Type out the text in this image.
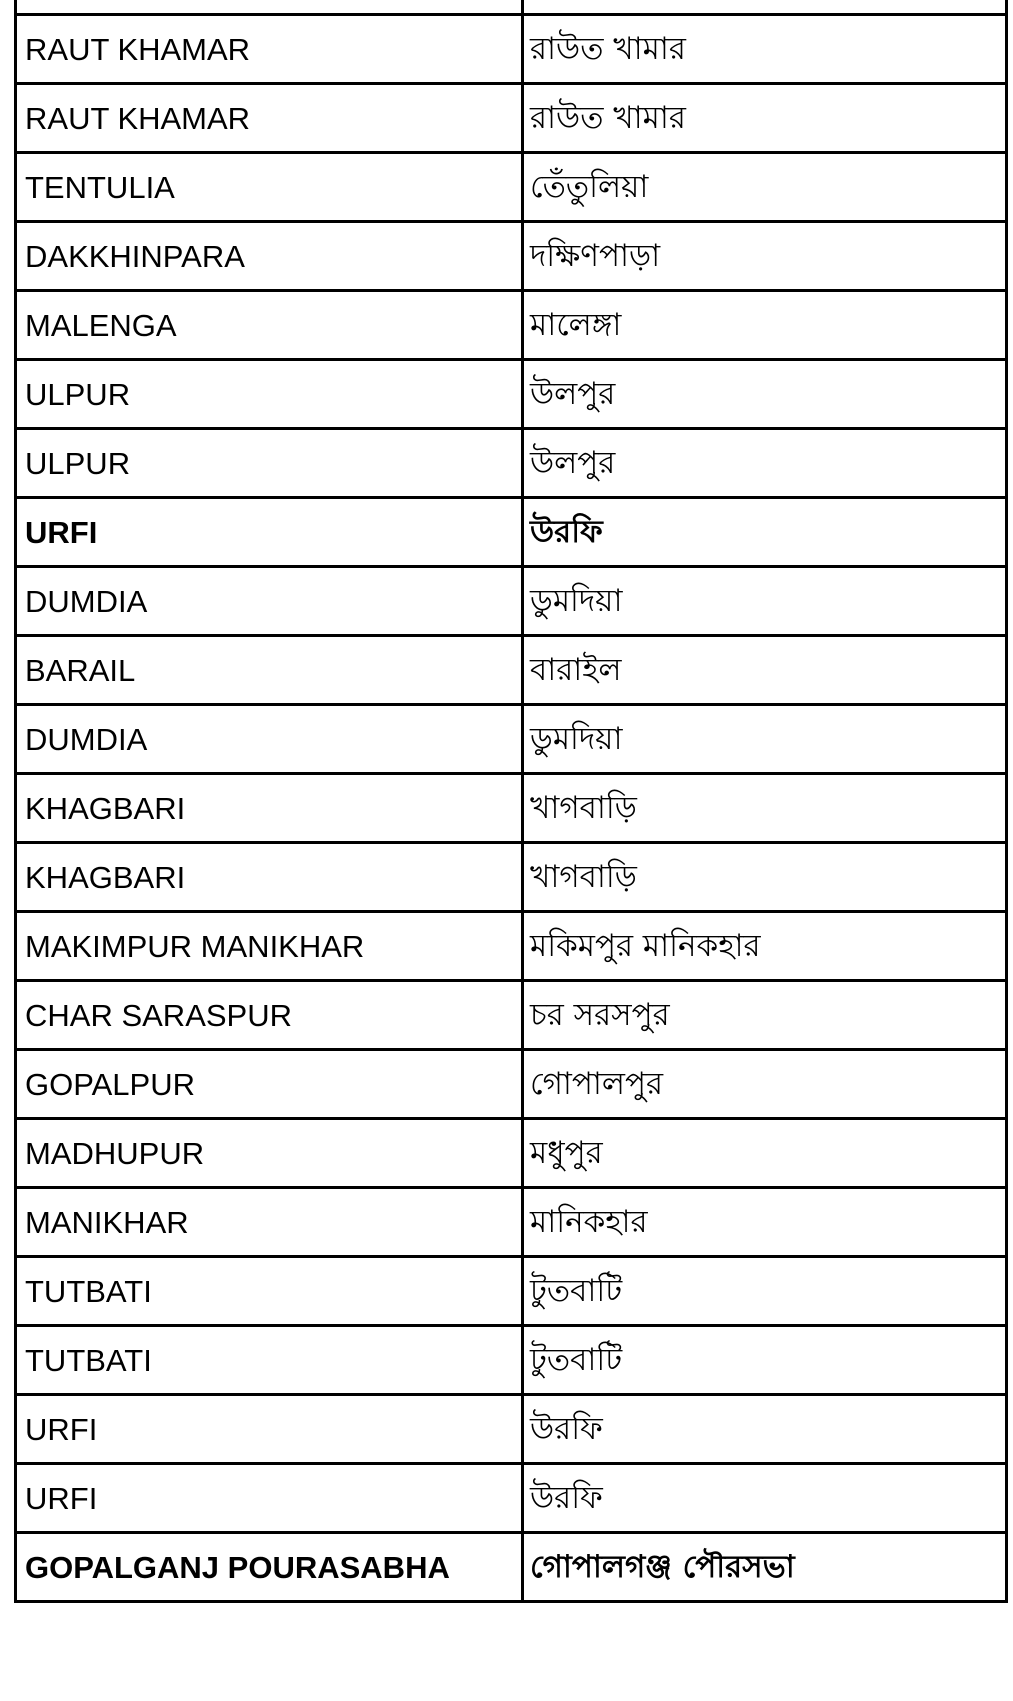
RAUT KHAMAR	রাউত খামার
RAUT KHAMAR	রাউত খামার
TENTULIA	তেঁতুলিয়া
DAKKHINPARA	দক্ষিণপাড়া
MALENGA	মালেঙ্গা
ULPUR	উলপুর
ULPUR	উলপুর
URFI	উরফি
DUMDIA	ডুমদিয়া
BARAIL	বারাইল
DUMDIA	ডুমদিয়া
KHAGBARI	খাগবাড়ি
KHAGBARI	খাগবাড়ি
MAKIMPUR MANIKHAR	মকিমপুর মানিকহার
CHAR SARASPUR	চর সরসপুর
GOPALPUR	গোপালপুর
MADHUPUR	মধুপুর
MANIKHAR	মানিকহার
TUTBATI	টুতবাটি
TUTBATI	টুতবাটি
URFI	উরফি
URFI	উরফি
GOPALGANJ POURASABHA	গোপালগঞ্জ পৌরসভা
